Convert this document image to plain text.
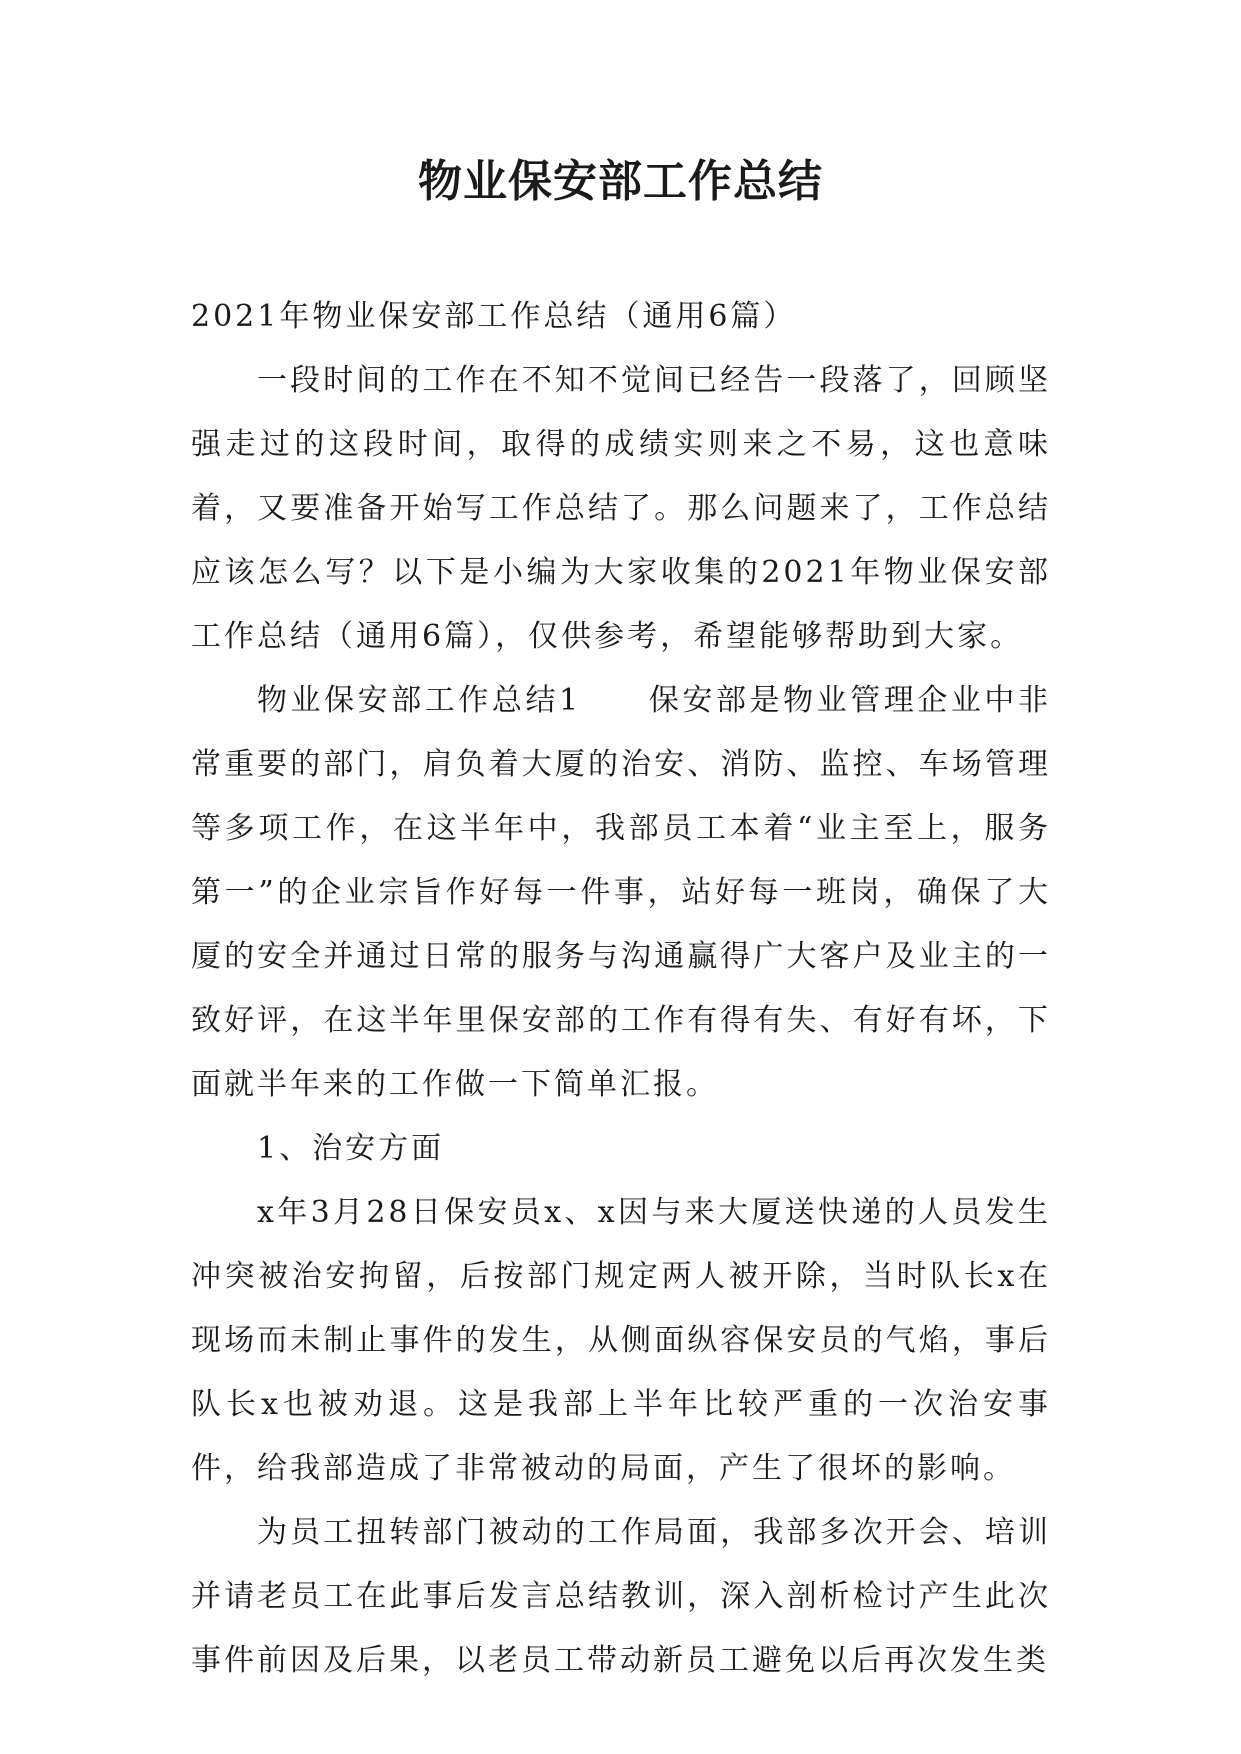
物业保安部工作总结

2021年物业保安部工作总结（通用6篇）

一段时间的工作在不知不觉间已经告一段落了，回顾坚强走过的这段时间，取得的成绩实则来之不易，这也意味着，又要准备开始写工作总结了。那么问题来了，工作总结应该怎么写？以下是小编为大家收集的2021年物业保安部工作总结（通用6篇），仅供参考，希望能够帮助到大家。

物业保安部工作总结1　　保安部是物业管理企业中非常重要的部门，肩负着大厦的治安、消防、监控、车场管理等多项工作，在这半年中，我部员工本着“业主至上，服务第一”的企业宗旨作好每一件事，站好每一班岗，确保了大厦的安全并通过日常的服务与沟通赢得广大客户及业主的一致好评，在这半年里保安部的工作有得有失、有好有坏，下面就半年来的工作做一下简单汇报。

1、治安方面

x年3月28日保安员x、x因与来大厦送快递的人员发生冲突被治安拘留，后按部门规定两人被开除，当时队长x在现场而未制止事件的发生，从侧面纵容保安员的气焰，事后队长x也被劝退。这是我部上半年比较严重的一次治安事件，给我部造成了非常被动的局面，产生了很坏的影响。

为员工扭转部门被动的工作局面，我部多次开会、培训并请老员工在此事后发言总结教训，深入剖析检讨产生此次事件前因及后果，以老员工带动新员工避免以后再次发生类
